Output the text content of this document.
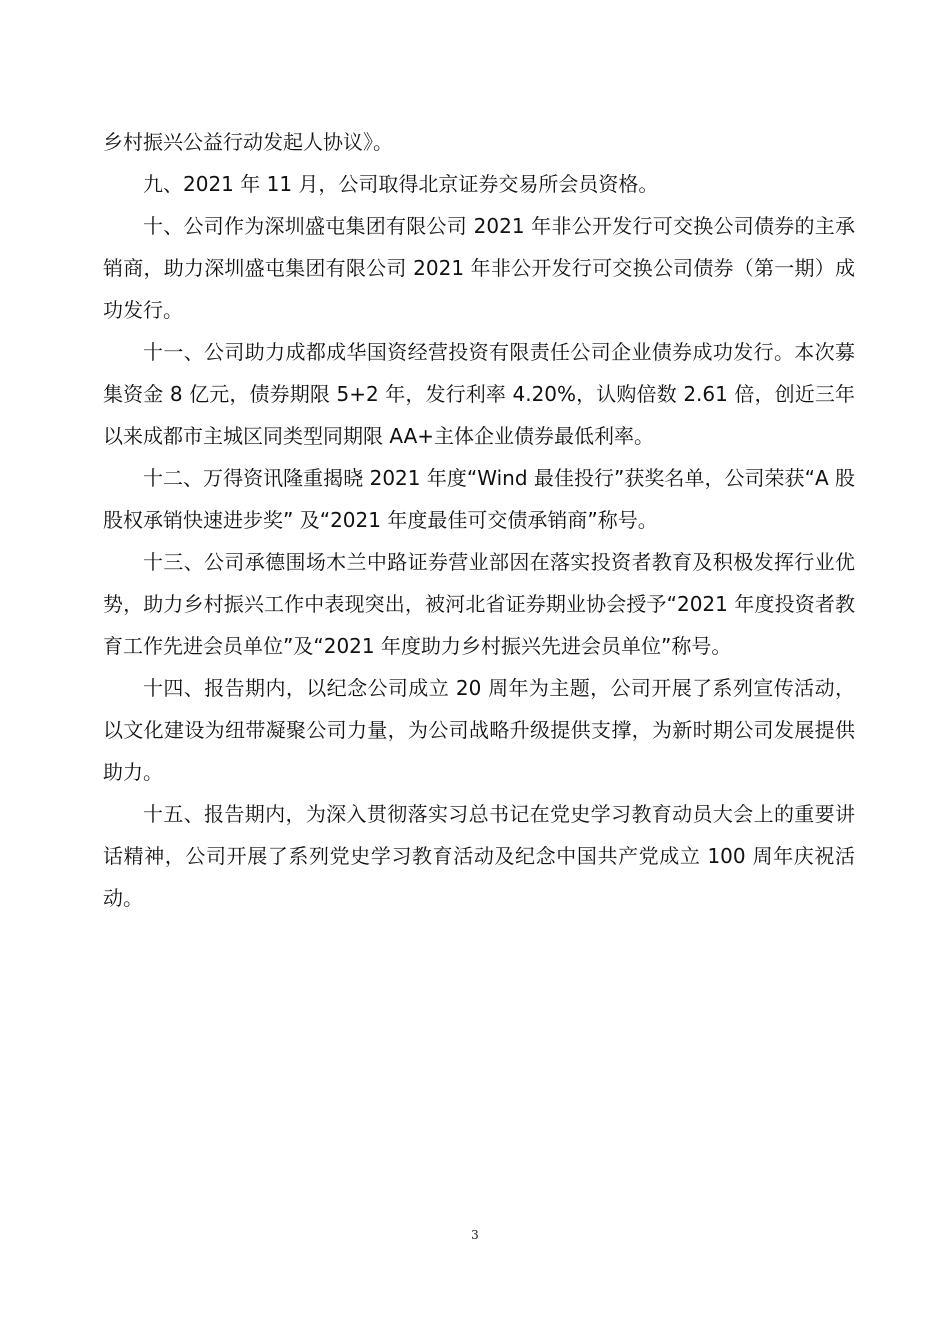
乡村振兴公益行动发起人协议》。

九、2021 年 11 月，公司取得北京证券交易所会员资格。

十、公司作为深圳盛屯集团有限公司 2021 年非公开发行可交换公司债券的主承销商，助力深圳盛屯集团有限公司 2021 年非公开发行可交换公司债券（第一期）成功发行。

十一、公司助力成都成华国资经营投资有限责任公司企业债券成功发行。本次募集资金 8 亿元，债券期限 5+2 年，发行利率 4.20%，认购倍数 2.61 倍，创近三年以来成都市主城区同类型同期限 AA+主体企业债券最低利率。

十二、万得资讯隆重揭晓 2021 年度“Wind 最佳投行”获奖名单，公司荣获“A 股股权承销快速进步奖” 及“2021 年度最佳可交债承销商”称号。

十三、公司承德围场木兰中路证券营业部因在落实投资者教育及积极发挥行业优势，助力乡村振兴工作中表现突出，被河北省证券期业协会授予“2021 年度投资者教育工作先进会员单位”及“2021 年度助力乡村振兴先进会员单位”称号。

十四、报告期内，以纪念公司成立 20 周年为主题，公司开展了系列宣传活动，以文化建设为纽带凝聚公司力量，为公司战略升级提供支撑，为新时期公司发展提供助力。

十五、报告期内，为深入贯彻落实习总书记在党史学习教育动员大会上的重要讲话精神，公司开展了系列党史学习教育活动及纪念中国共产党成立 100 周年庆祝活动。

3
